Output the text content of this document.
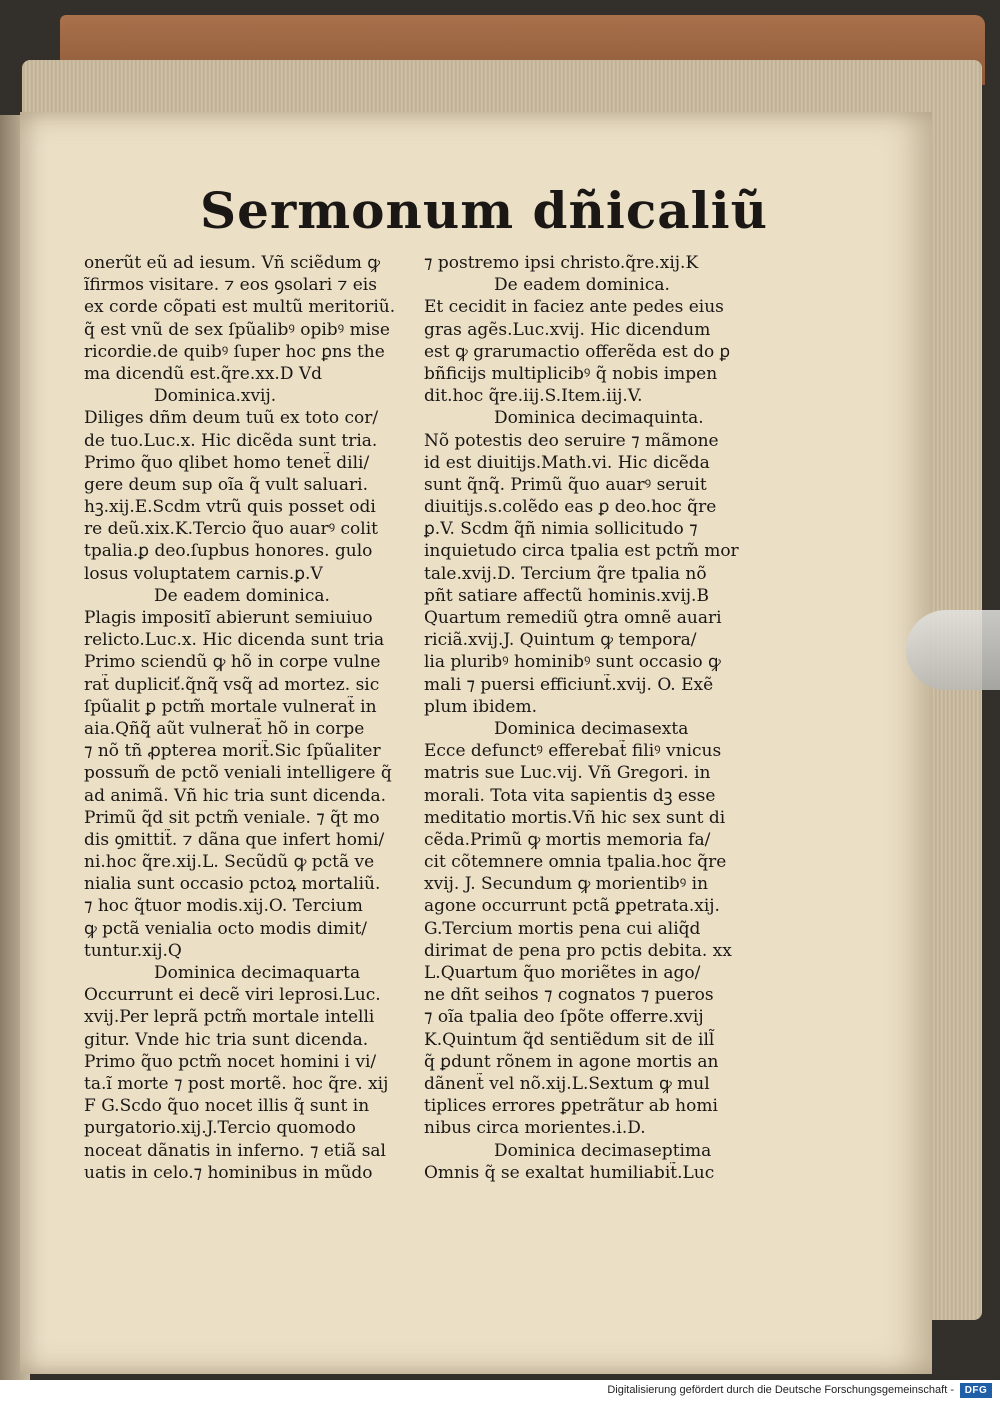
Sermonum dñicaliũ
onerũt eũ ad iesum. Vñ sciẽdum ꝙ
ĩfirmos visitare. ⁊ eos ꝯsolari ⁊ eis
ex corde cõpati est multũ meritoriũ.
q̃ est vnũ de sex ſpũalibꝰ opibꝰ mise
ricordie.de quibꝰ ſuper hoc ꝑns the
ma dicendũ est.q̃re.xx.D Vd
Dominica.xvij.
Diliges dñm deum tuũ ex toto cor/
de tuo.Luc.x. Hic dicẽda sunt tria.
Primo q̃uo qlibet homo tenet̃ dili/
gere deum sup oĩa q̃ vult saluari.
hꝫ.xij.E.Scdm vtrũ quis posset odi
re deũ.xix.K.Tercio q̃uo auarꝰ colit
tpalia.ꝑ deo.ſupbus honores. gulo
losus voluptatem carnis.ꝑ.V
De eadem dominica.
Plagis impositĩ abierunt semiuiuo
relicto.Luc.x. Hic dicenda sunt tria
Primo sciendũ ꝙ hõ in corpe vulne
rat̃ dupliciť.q̃nq̃ vsq̃ ad mortez. sic
ſpũalit ꝑ pctm̃ mortale vulnerat̃ in
aia.Qñq̃ aũt vulnerat̃ hõ in corpe
⁊ nõ tñ ꝓpterea morit̃.Sic ſpũaliter
possum̃ de pctõ veniali intelligere q̃
ad animã. Vñ hic tria sunt dicenda.
Primũ q̃d sit pctm̃ veniale. ⁊ q̃t mo
dis ꝯmittit̃. ⁊ dãna que infert homi/
ni.hoc q̃re.xij.L. Secũdũ ꝙ pctã ve
nialia sunt occasio pctoꝝ mortaliũ.
⁊ hoc q̃tuor modis.xij.O. Tercium
ꝙ pctã venialia octo modis dimit/
tuntur.xij.Q
Dominica decimaquarta
Occurrunt ei decẽ viri leprosi.Luc.
xvij.Per leprã pctm̃ mortale intelli
gitur. Vnde hic tria sunt dicenda.
Primo q̃uo pctm̃ nocet homini i vi/
ta.ĩ morte ⁊ post mortẽ. hoc q̃re. xij
F G.Scdo q̃uo nocet illis q̃ sunt in
purgatorio.xij.J.Tercio quomodo
noceat dãnatis in inferno. ⁊ etiã sal
uatis in celo.⁊ hominibus in mũdo
⁊ postremo ipsi christo.q̃re.xij.K
De eadem dominica.
Et cecidit in faciez ante pedes eius
gras agẽs.Luc.xvij. Hic dicendum
est ꝙ grarumactio offerẽda est do ꝑ
bñficijs multiplicibꝰ q̃ nobis impen
dit.hoc q̃re.iij.S.Item.iij.V.
Dominica decimaquinta.
Nõ potestis deo seruire ⁊ mãmone
id est diuitijs.Math.vi. Hic dicẽda
sunt q̃nq̃. Primũ q̃uo auarꝰ seruit
diuitijs.s.colẽdo eas ꝑ deo.hoc q̃re
ꝑ.V. Scdm q̃ñ nimia sollicitudo ⁊
inquietudo circa tpalia est pctm̃ mor
tale.xvij.D. Tercium q̃re tpalia nõ
pñt satiare affectũ hominis.xvij.B
Quartum remediũ ꝯtra omnẽ auari
riciã.xvij.J. Quintum ꝙ tempora/
lia pluribꝰ hominibꝰ sunt occasio ꝙ
mali ⁊ puersi efficiunt̃.xvij. O. Exẽ
plum ibidem.
Dominica decimasexta
Ecce defunctꝰ efferebat̃ filiꝰ vnicus
matris sue Luc.vij. Vñ Gregori. in
morali. Tota vita sapientis dꝫ esse
meditatio mortis.Vñ hic sex sunt di
cẽda.Primũ ꝙ mortis memoria fa/
cit cõtemnere omnia tpalia.hoc q̃re
xvij. J. Secundum ꝙ morientibꝰ in
agone occurrunt pctã ꝑpetrata.xij.
G.Tercium mortis pena cui aliq̃d
dirimat de pena pro pctis debita. xx
L.Quartum q̃uo moriẽtes in ago/
ne dñt seihos ⁊ cognatos ⁊ pueros
⁊ oĩa tpalia deo ſpõte offerre.xvij
K.Quintum q̃d sentiẽdum sit de ill̃
q̃ ꝑdunt rõnem in agone mortis an
dãnent̃ vel nõ.xij.L.Sextum ꝙ mul
tiplices errores ꝑpetrãtur ab homi
nibus circa morientes.i.D.
Dominica decimaseptima
Omnis q̃ se exaltat humiliabit̃.Luc
Digitalisierung gefördert durch die Deutsche Forschungsgemeinschaft -	DFG
